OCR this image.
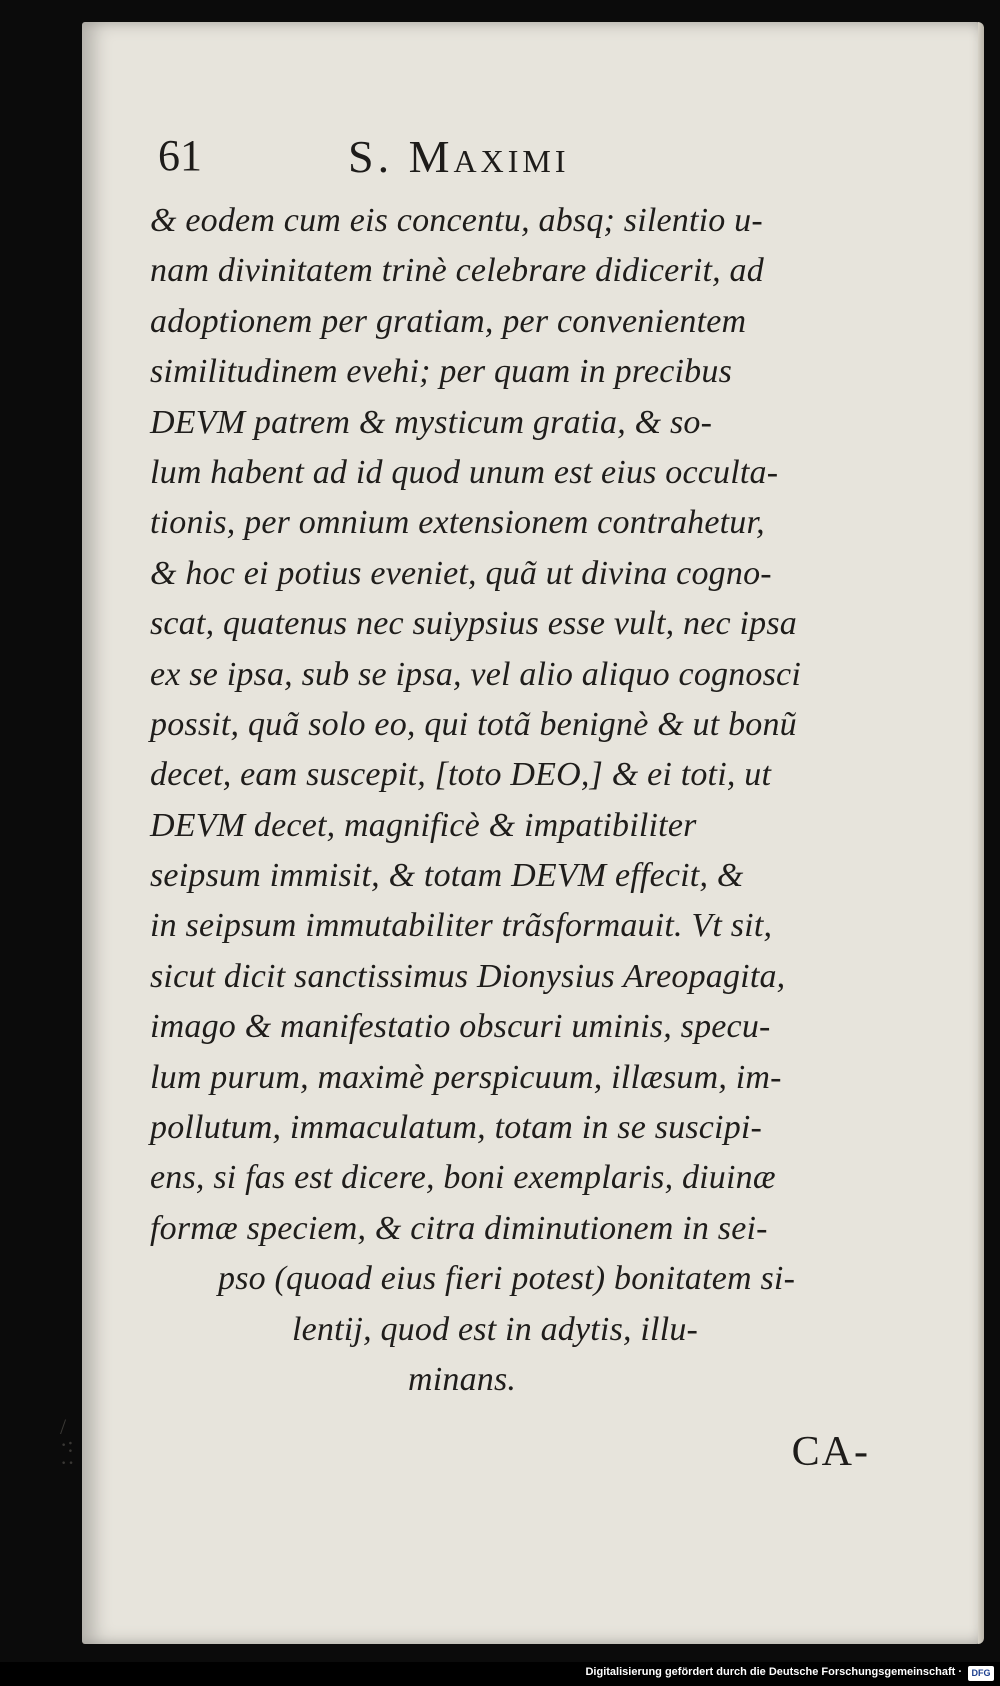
61	S. Maximi
& eodem cum eis concentu, absq; silentio u-
nam divinitatem trinè celebrare didicerit, ad
adoptionem per gratiam, per convenientem
similitudinem evehi; per quam in precibus
DEVM patrem & mysticum gratia, & so-
lum habent ad id quod unum est eius occulta-
tionis, per omnium extensionem contrahetur,
& hoc ei potius eveniet, quã ut divina cogno-
scat, quatenus nec suiypsius esse vult, nec ipsa
ex se ipsa, sub se ipsa, vel alio aliquo cognosci
possit, quã solo eo, qui totã benignè & ut bonũ
decet, eam suscepit, [toto DEO,] & ei toti, ut
DEVM decet, magnificè & impatibiliter
seipsum immisit, & totam DEVM effecit, &
in seipsum immutabiliter trãsformauit. Vt sit,
sicut dicit sanctissimus Dionysius Areopagita,
imago & manifestatio obscuri uminis, specu-
lum purum, maximè perspicuum, illæsum, im-
pollutum, immaculatum, totam in se suscipi-
ens, si fas est dicere, boni exemplaris, diuinæ
formæ speciem, & citra diminutionem in sei-
pso (quoad eius fieri potest) bonitatem si-
lentij, quod est in adytis, illu-
minans.
/
·:
··	CA-
Digitalisierung gefördert durch die Deutsche Forschungsgemeinschaft ·	DFG
